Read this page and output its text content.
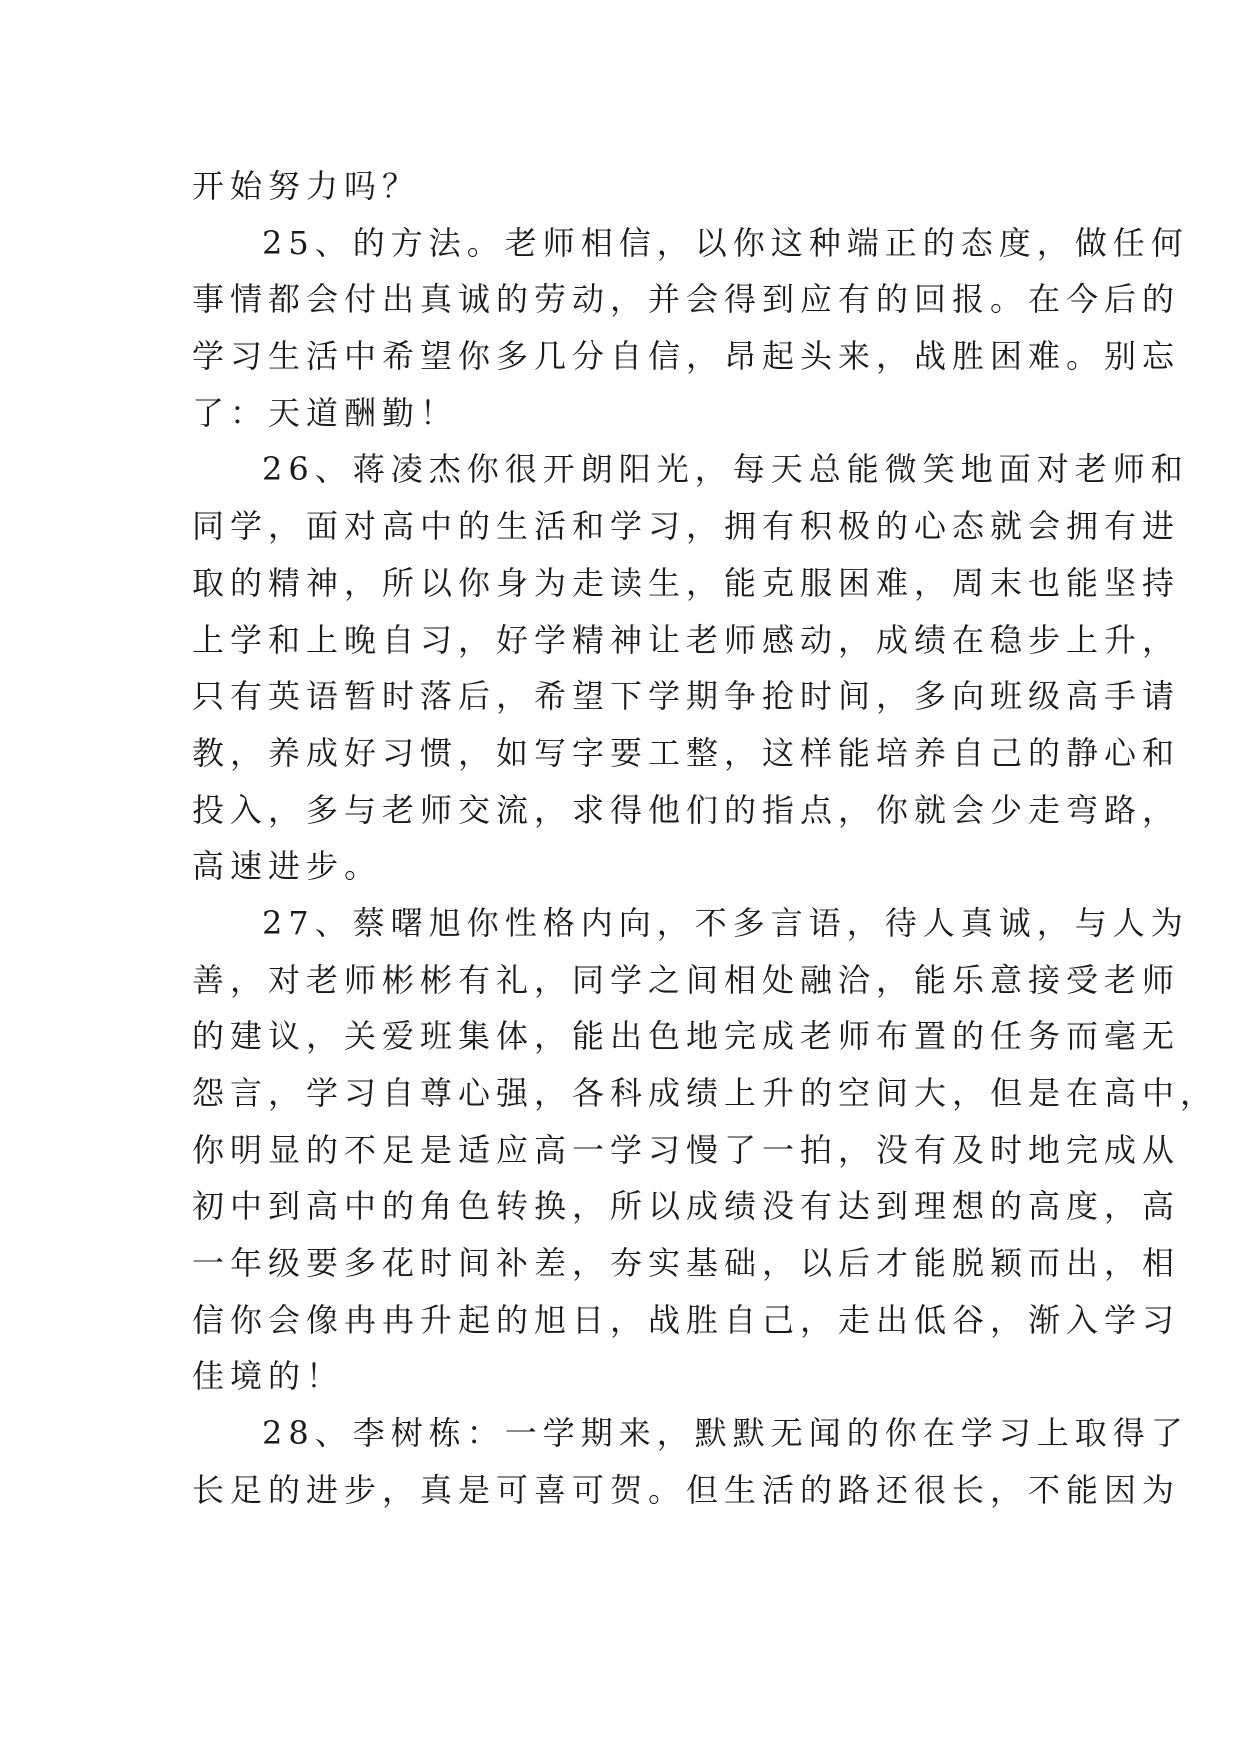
开始努力吗？
25、的方法。老师相信，以你这种端正的态度，做任何
事情都会付出真诚的劳动，并会得到应有的回报。在今后的
学习生活中希望你多几分自信，昂起头来，战胜困难。别忘
了：天道酬勤！
26、蒋凌杰你很开朗阳光，每天总能微笑地面对老师和
同学，面对高中的生活和学习，拥有积极的心态就会拥有进
取的精神，所以你身为走读生，能克服困难，周末也能坚持
上学和上晚自习，好学精神让老师感动，成绩在稳步上升，
只有英语暂时落后，希望下学期争抢时间，多向班级高手请
教，养成好习惯，如写字要工整，这样能培养自己的静心和
投入，多与老师交流，求得他们的指点，你就会少走弯路，
高速进步。
27、蔡曙旭你性格内向，不多言语，待人真诚，与人为
善，对老师彬彬有礼，同学之间相处融洽，能乐意接受老师
的建议，关爱班集体，能出色地完成老师布置的任务而毫无
怨言，学习自尊心强，各科成绩上升的空间大，但是在高中，
你明显的不足是适应高一学习慢了一拍，没有及时地完成从
初中到高中的角色转换，所以成绩没有达到理想的高度，高
一年级要多花时间补差，夯实基础，以后才能脱颖而出，相
信你会像冉冉升起的旭日，战胜自己，走出低谷，渐入学习
佳境的！
28、李树栋：一学期来，默默无闻的你在学习上取得了
长足的进步，真是可喜可贺。但生活的路还很长，不能因为
